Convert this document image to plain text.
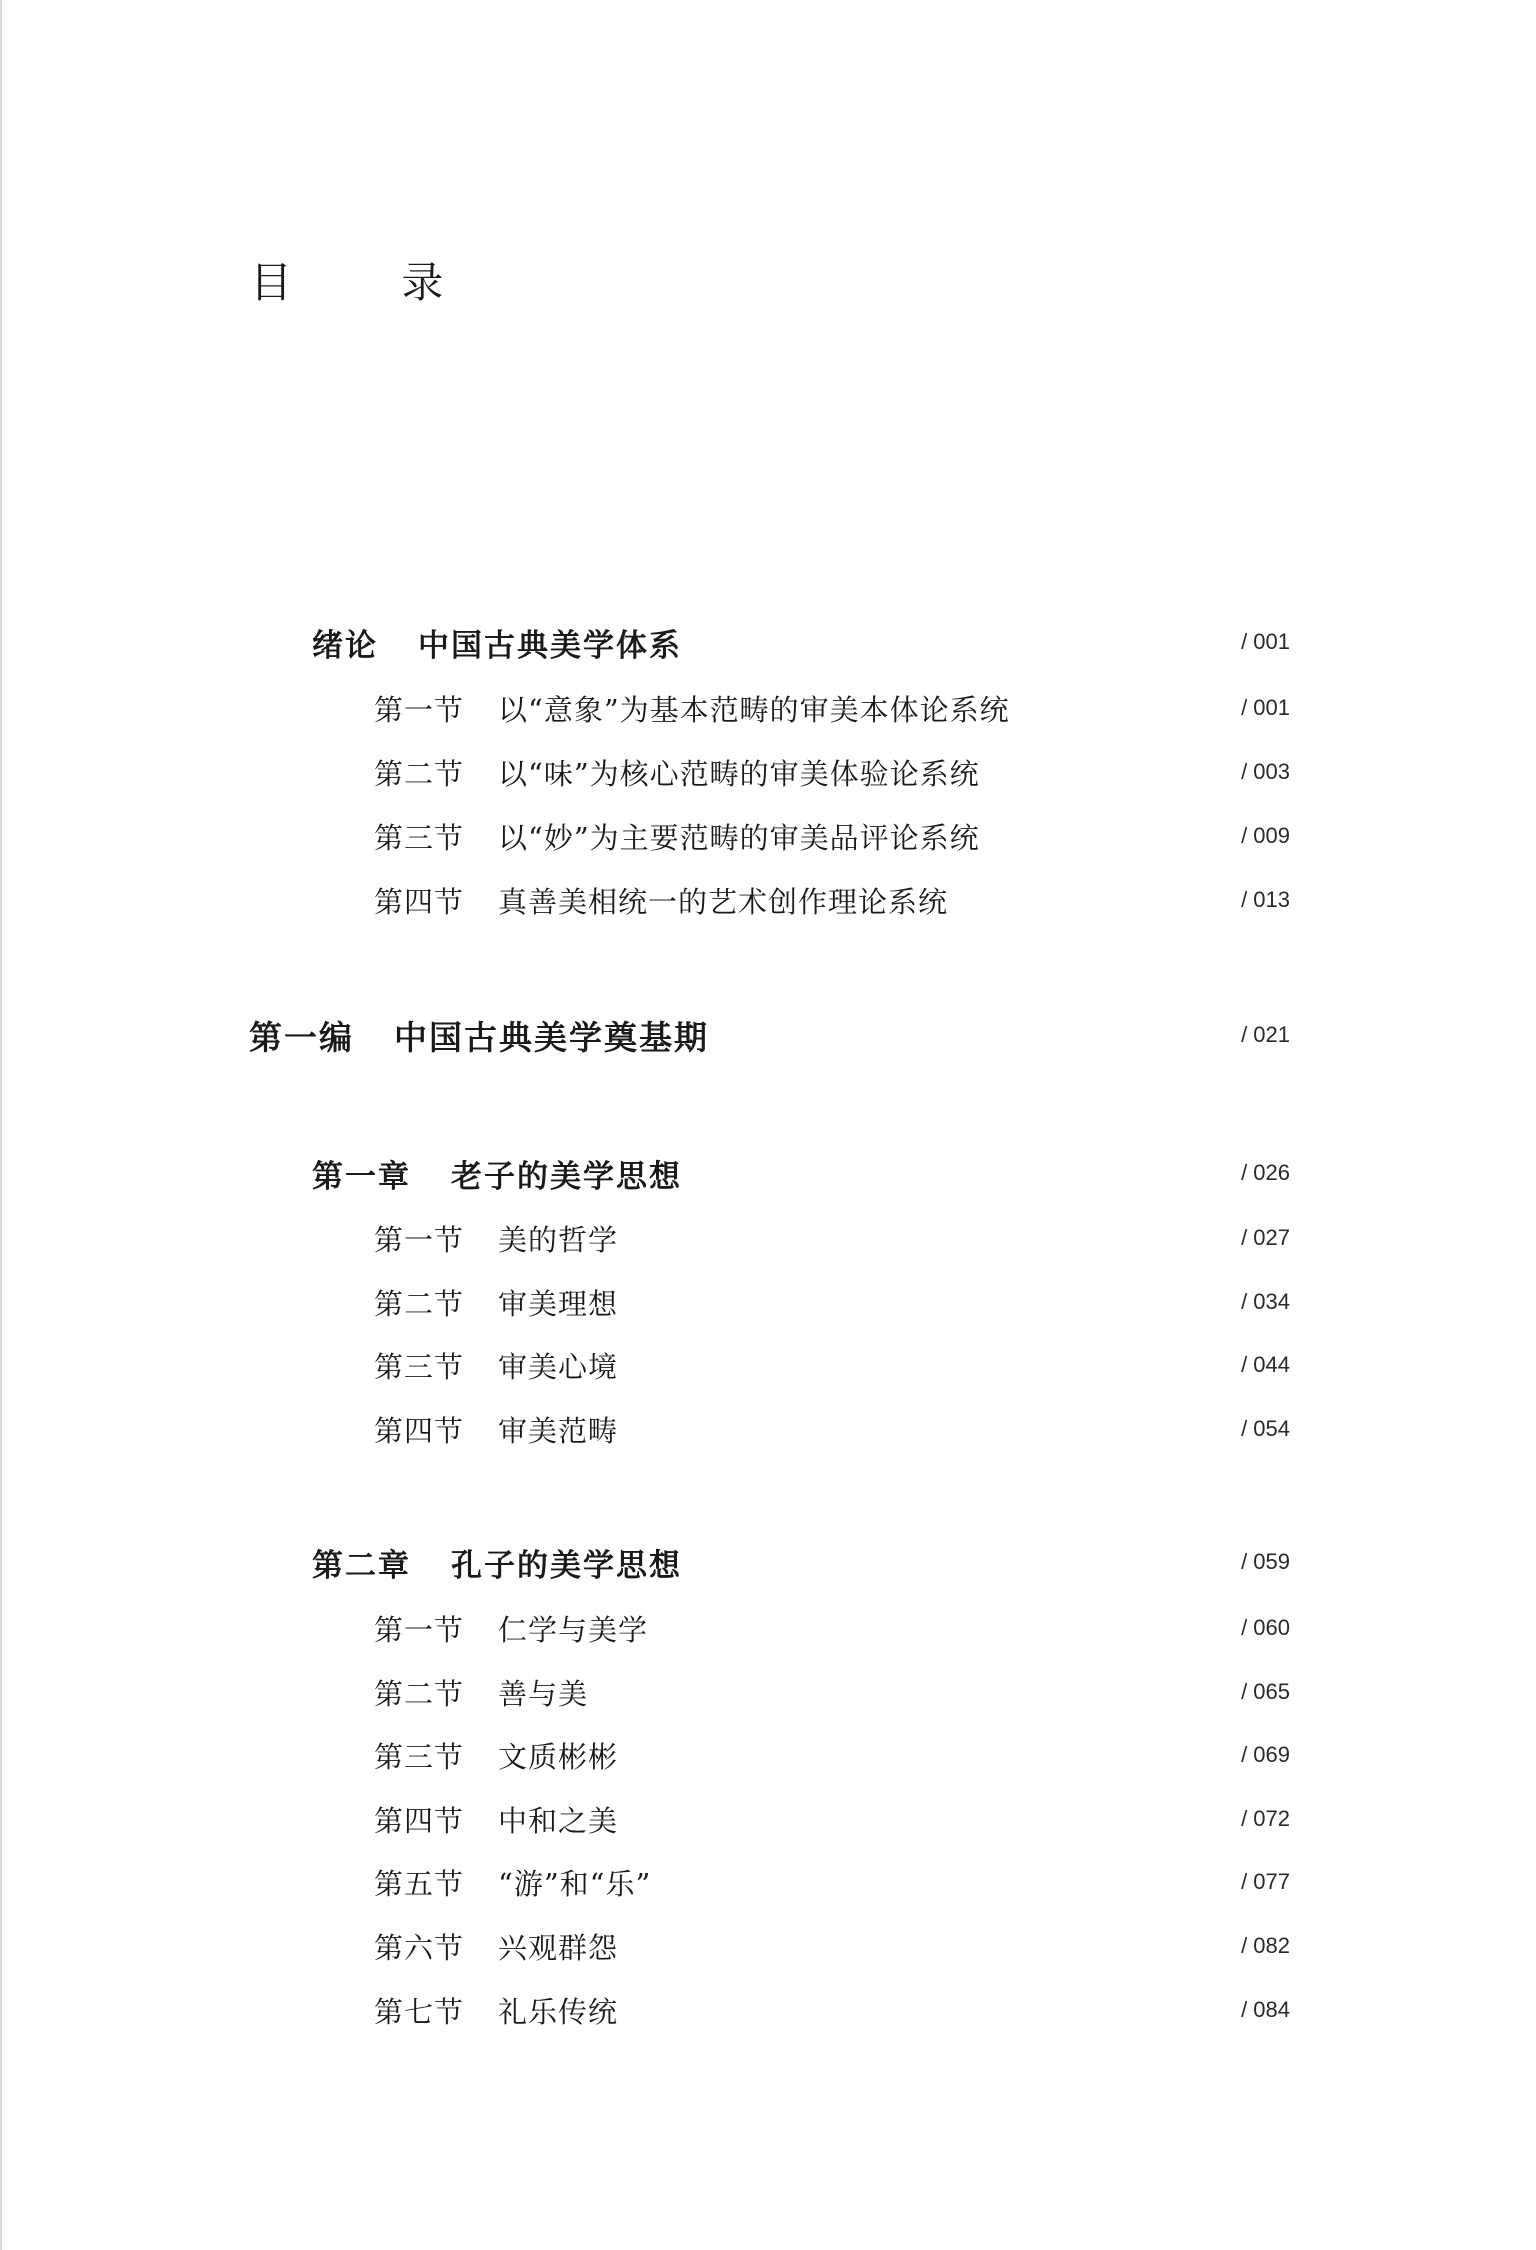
目 录
绪论 中国古典美学体系	/ 001
第一节 以“意象”为基本范畴的审美本体论系统	/ 001
第二节 以“味”为核心范畴的审美体验论系统	/ 003
第三节 以“妙”为主要范畴的审美品评论系统	/ 009
第四节 真善美相统一的艺术创作理论系统	/ 013
第一编 中国古典美学奠基期	/ 021
第一章 老子的美学思想	/ 026
第一节 美的哲学	/ 027
第二节 审美理想	/ 034
第三节 审美心境	/ 044
第四节 审美范畴	/ 054
第二章 孔子的美学思想	/ 059
第一节 仁学与美学	/ 060
第二节 善与美	/ 065
第三节 文质彬彬	/ 069
第四节 中和之美	/ 072
第五节 “游”和“乐”	/ 077
第六节 兴观群怨	/ 082
第七节 礼乐传统	/ 084
